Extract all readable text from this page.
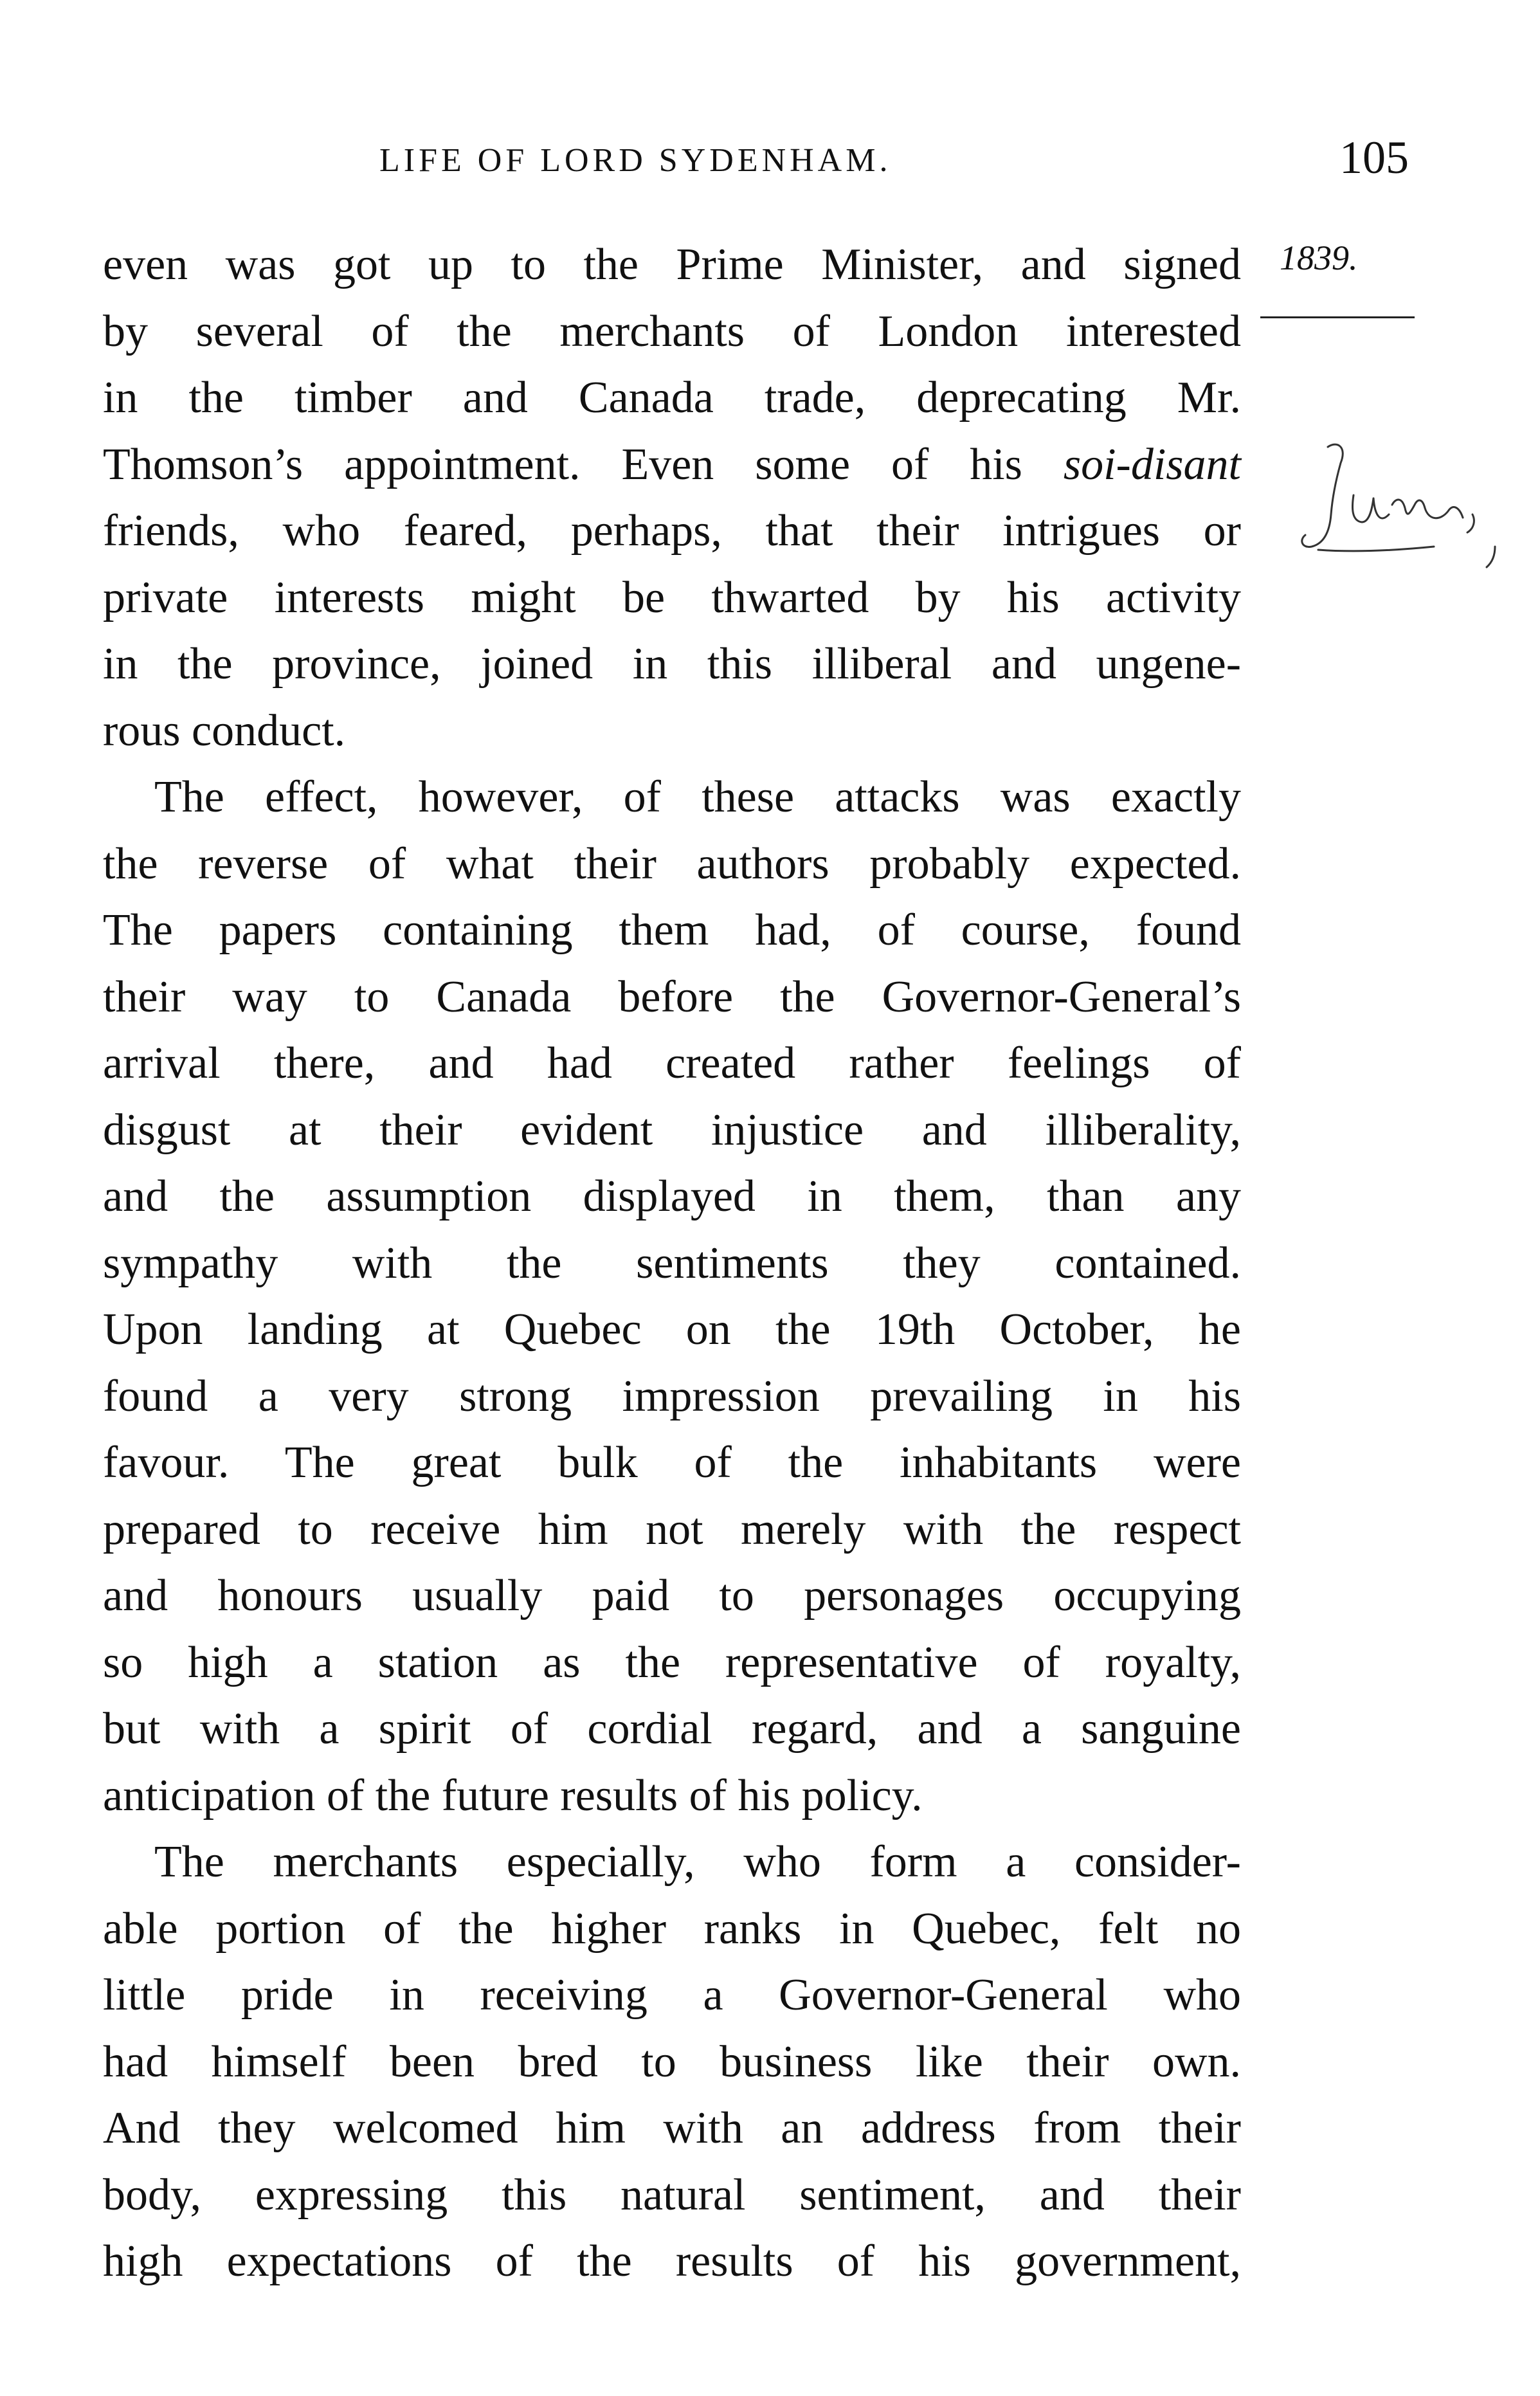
LIFE OF LORD SYDENHAM.	105
1839.
Jun
even was got up to the Prime Minister, and signed
by several of the merchants of London interested
in the timber and Canada trade, deprecating Mr.
Thomson’s appointment. Even some of his soi-disant
friends, who feared, perhaps, that their intrigues or
private interests might be thwarted by his activity
in the province, joined in this illiberal and ungene-
rous conduct.
The effect, however, of these attacks was exactly
the reverse of what their authors probably expected.
The papers containing them had, of course, found
their way to Canada before the Governor-General’s
arrival there, and had created rather feelings of
disgust at their evident injustice and illiberality,
and the assumption displayed in them, than any
sympathy with the sentiments they contained.
Upon landing at Quebec on the 19th October, he
found a very strong impression prevailing in his
favour. The great bulk of the inhabitants were
prepared to receive him not merely with the respect
and honours usually paid to personages occupying
so high a station as the representative of royalty,
but with a spirit of cordial regard, and a sanguine
anticipation of the future results of his policy.
The merchants especially, who form a consider-
able portion of the higher ranks in Quebec, felt no
little pride in receiving a Governor-General who
had himself been bred to business like their own.
And they welcomed him with an address from their
body, expressing this natural sentiment, and their
high expectations of the results of his government,
